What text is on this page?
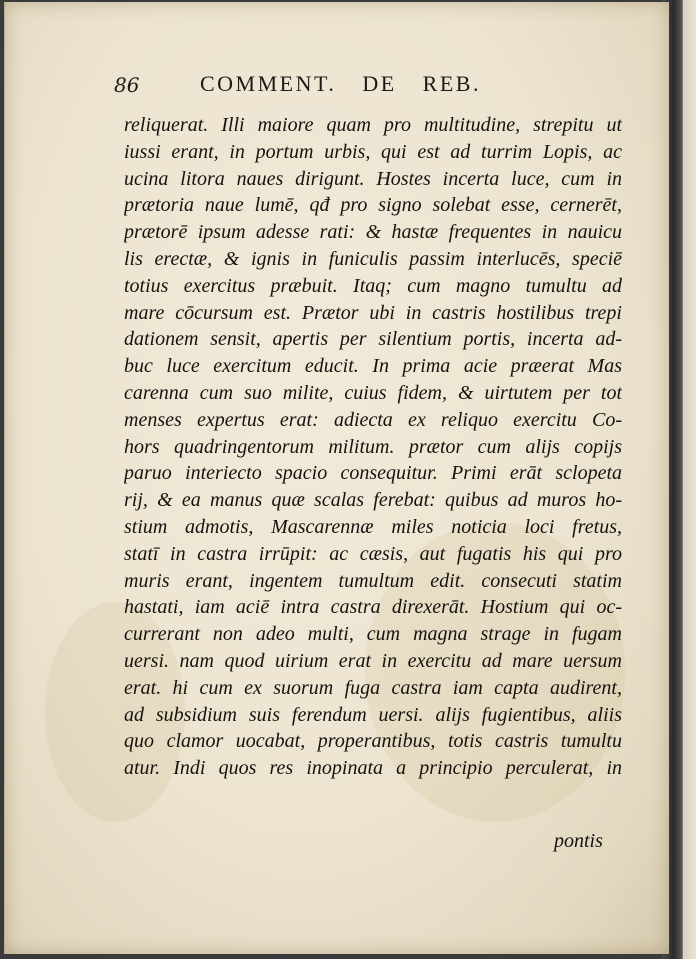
86	COMMENT. DE REB.
reliquerat. Illi maiore quam pro multitudine, strepitu ut
iussi erant, in portum urbis, qui est ad turrim Lopis, ac
ucina litora naues dirigunt. Hostes incerta luce, cum in
prætoria naue lumē, qđ pro signo solebat esse, cernerēt,
prætorē ipsum adesse rati: & hastæ frequentes in nauicu
lis erectæ, & ignis in funiculis passim interlucēs, speciē
totius exercitus præbuit. Itaq; cum magno tumultu ad
mare cōcursum est. Prætor ubi in castris hostilibus trepi
dationem sensit, apertis per silentium portis, incerta ad-
buc luce exercitum educit. In prima acie præerat Mas
carenna cum suo milite, cuius fidem, & uirtutem per tot
menses expertus erat: adiecta ex reliquo exercitu Co-
hors quadringentorum militum. prætor cum alijs copijs
paruo interiecto spacio consequitur. Primi erāt sclopeta
rij, & ea manus quæ scalas ferebat: quibus ad muros ho-
stium admotis, Mascarennæ miles noticia loci fretus,
statī in castra irrūpit: ac cæsis, aut fugatis his qui pro
muris erant, ingentem tumultum edit. consecuti statim
hastati, iam aciē intra castra direxerāt. Hostium qui oc-
currerant non adeo multi, cum magna strage in fugam
uersi. nam quod uirium erat in exercitu ad mare uersum
erat. hi cum ex suorum fuga castra iam capta audirent,
ad subsidium suis ferendum uersi. alijs fugientibus, aliis
quo clamor uocabat, properantibus, totis castris tumultu
atur. Indi quos res inopinata a principio perculerat, in
pontis
